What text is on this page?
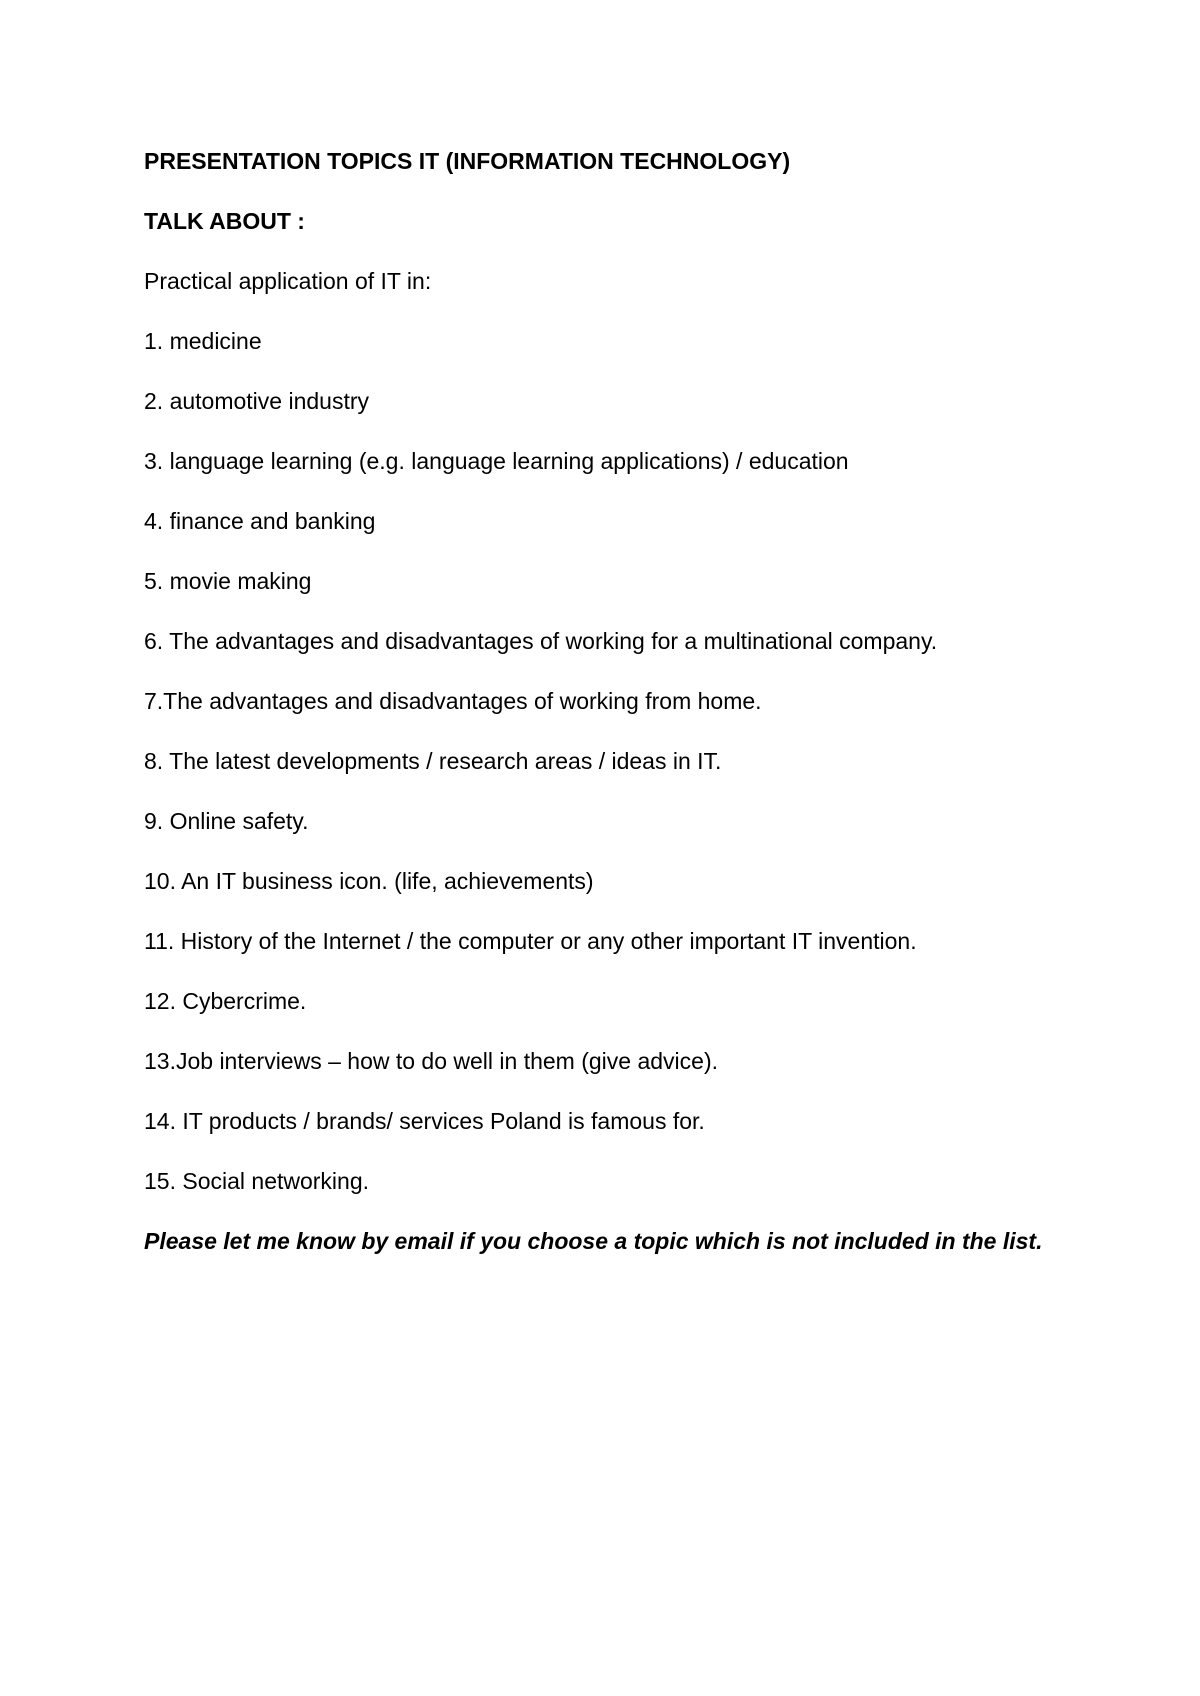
PRESENTATION TOPICS IT (INFORMATION TECHNOLOGY)
TALK ABOUT :
Practical application of IT in:
1. medicine
2. automotive industry
3. language learning (e.g. language learning applications) / education
4. finance and banking
5. movie making
6. The advantages and disadvantages of working for a multinational company.
7.The advantages and disadvantages of working from home.
8. The latest developments / research areas / ideas in IT.
9. Online safety.
10. An IT business icon. (life, achievements)
11. History of the Internet / the computer or any other important IT invention.
12. Cybercrime.
13.Job interviews – how to do well in them (give advice).
14. IT products / brands/ services Poland is famous for.
15. Social networking.
Please let me know by email if you choose a topic which is not included in the list.
